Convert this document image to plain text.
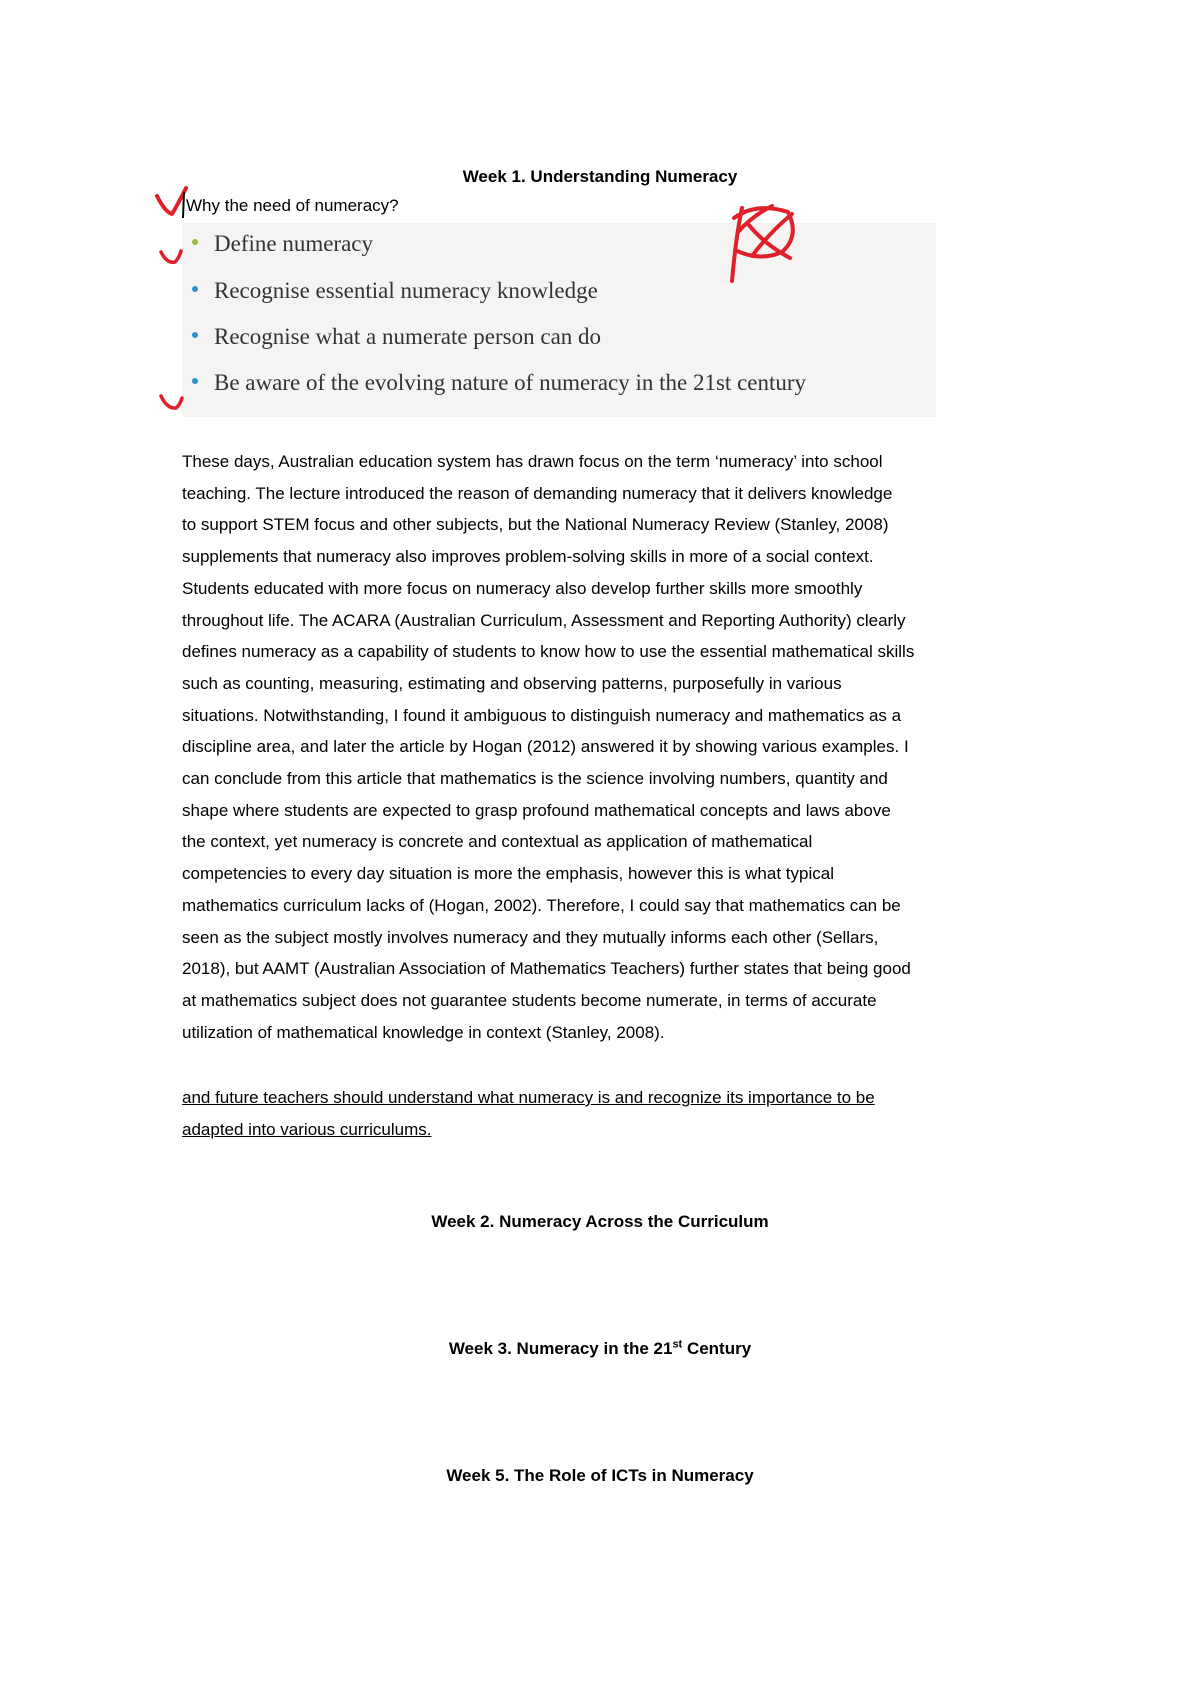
Week 1. Understanding Numeracy
Why the need of numeracy?
Define numeracy
Recognise essential numeracy knowledge
Recognise what a numerate person can do
Be aware of the evolving nature of numeracy in the 21st century
These days, Australian education system has drawn focus on the term ‘numeracy’ into school
teaching. The lecture introduced the reason of demanding numeracy that it delivers knowledge
to support STEM focus and other subjects, but the National Numeracy Review (Stanley, 2008)
supplements that numeracy also improves problem-solving skills in more of a social context.
Students educated with more focus on numeracy also develop further skills more smoothly
throughout life. The ACARA (Australian Curriculum, Assessment and Reporting Authority) clearly
defines numeracy as a capability of students to know how to use the essential mathematical skills
such as counting, measuring, estimating and observing patterns, purposefully in various
situations. Notwithstanding, I found it ambiguous to distinguish numeracy and mathematics as a
discipline area, and later the article by Hogan (2012) answered it by showing various examples. I
can conclude from this article that mathematics is the science involving numbers, quantity and
shape where students are expected to grasp profound mathematical concepts and laws above
the context, yet numeracy is concrete and contextual as application of mathematical
competencies to every day situation is more the emphasis, however this is what typical
mathematics curriculum lacks of (Hogan, 2002). Therefore, I could say that mathematics can be
seen as the subject mostly involves numeracy and they mutually informs each other (Sellars,
2018), but AAMT (Australian Association of Mathematics Teachers) further states that being good
at mathematics subject does not guarantee students become numerate, in terms of accurate
utilization of mathematical knowledge in context (Stanley, 2008).
and future teachers should understand what numeracy is and recognize its importance to be
adapted into various curriculums.
Week 2. Numeracy Across the Curriculum
Week 3. Numeracy in the 21st Century
Week 5. The Role of ICTs in Numeracy
